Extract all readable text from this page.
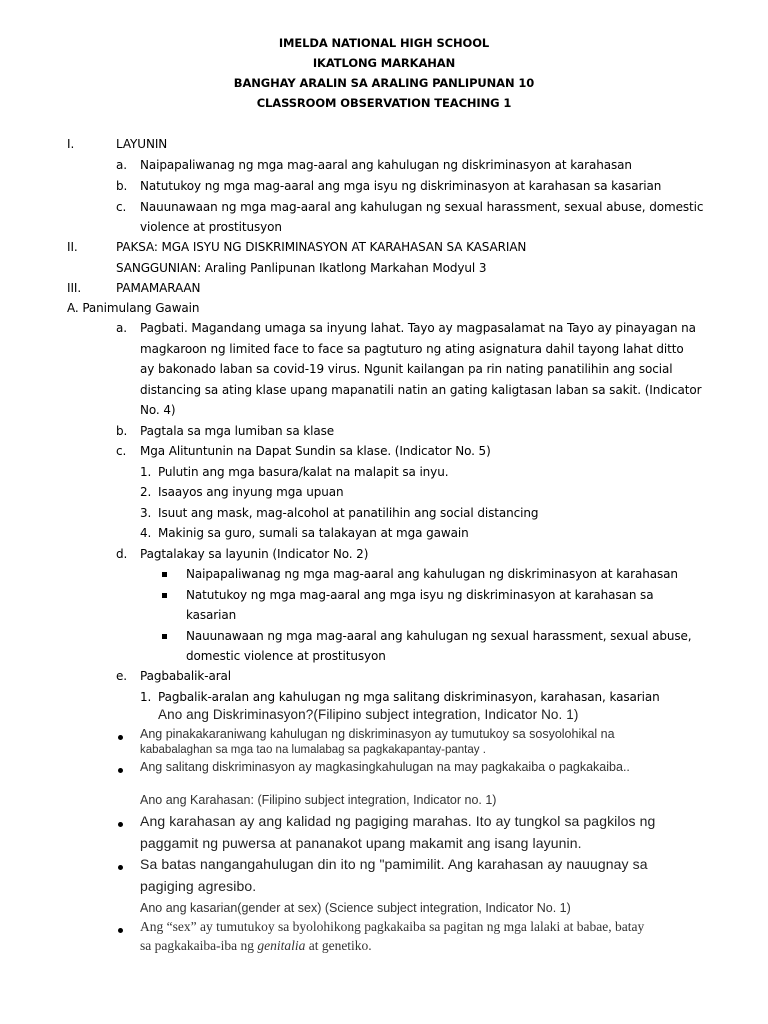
IMELDA NATIONAL HIGH SCHOOL
IKATLONG MARKAHAN
BANGHAY ARALIN SA ARALING PANLIPUNAN 10
CLASSROOM OBSERVATION TEACHING 1
I.	LAYUNIN
a. Naipapaliwanag ng mga mag-aaral ang kahulugan ng diskriminasyon at karahasan
b. Natutukoy ng mga mag-aaral ang mga isyu ng diskriminasyon at karahasan sa kasarian
c. Nauunawaan ng mga mag-aaral ang kahulugan ng sexual harassment, sexual abuse, domestic
violence at prostitusyon
II.	PAKSA: MGA ISYU NG DISKRIMINASYON AT KARAHASAN SA KASARIAN
SANGGUNIAN: Araling Panlipunan Ikatlong Markahan Modyul 3
III.	PAMAMARAAN
A. Panimulang Gawain
a. Pagbati. Magandang umaga sa inyung lahat. Tayo ay magpasalamat na Tayo ay pinayagan na
magkaroon ng limited face to face sa pagtuturo ng ating asignatura dahil tayong lahat ditto
ay bakonado laban sa covid-19 virus. Ngunit kailangan pa rin nating panatilihin ang social
distancing sa ating klase upang mapanatili natin an gating kaligtasan laban sa sakit. (Indicator
No. 4)
b. Pagtala sa mga lumiban sa klase
c. Mga Alituntunin na Dapat Sundin sa klase. (Indicator No. 5)
1. Pulutin ang mga basura/kalat na malapit sa inyu.
2. Isaayos ang inyung mga upuan
3. Isuut ang mask, mag-alcohol at panatilihin ang social distancing
4. Makinig sa guro, sumali sa talakayan at mga gawain
d. Pagtalakay sa layunin (Indicator No. 2)
Naipapaliwanag ng mga mag-aaral ang kahulugan ng diskriminasyon at karahasan
Natutukoy ng mga mag-aaral ang mga isyu ng diskriminasyon at karahasan sa
kasarian
Nauunawaan ng mga mag-aaral ang kahulugan ng sexual harassment, sexual abuse,
domestic violence at prostitusyon
e. Pagbabalik-aral
1. Pagbalik-aralan ang kahulugan ng mga salitang diskriminasyon, karahasan, kasarian
Ano ang Diskriminasyon?(Filipino subject integration, Indicator No. 1)
Ang pinakakaraniwang kahulugan ng diskriminasyon ay tumutukoy sa sosyolohikal na
kababalaghan sa mga tao na lumalabag sa pagkakapantay-pantay .
Ang salitang diskriminasyon ay magkasingkahulugan na may pagkakaiba o pagkakaiba..
Ano ang Karahasan: (Filipino subject integration, Indicator no. 1)
Ang karahasan ay ang kalidad ng pagiging marahas. Ito ay tungkol sa pagkilos ng
paggamit ng puwersa at pananakot upang makamit ang isang layunin.
Sa batas nangangahulugan din ito ng "pamimilit. Ang karahasan ay nauugnay sa
pagiging agresibo.
Ano ang kasarian(gender at sex) (Science subject integration, Indicator No. 1)
Ang “sex” ay tumutukoy sa byolohikong pagkakaiba sa pagitan ng mga lalaki at babae, batay
sa pagkakaiba-iba ng genitalia at genetiko.
